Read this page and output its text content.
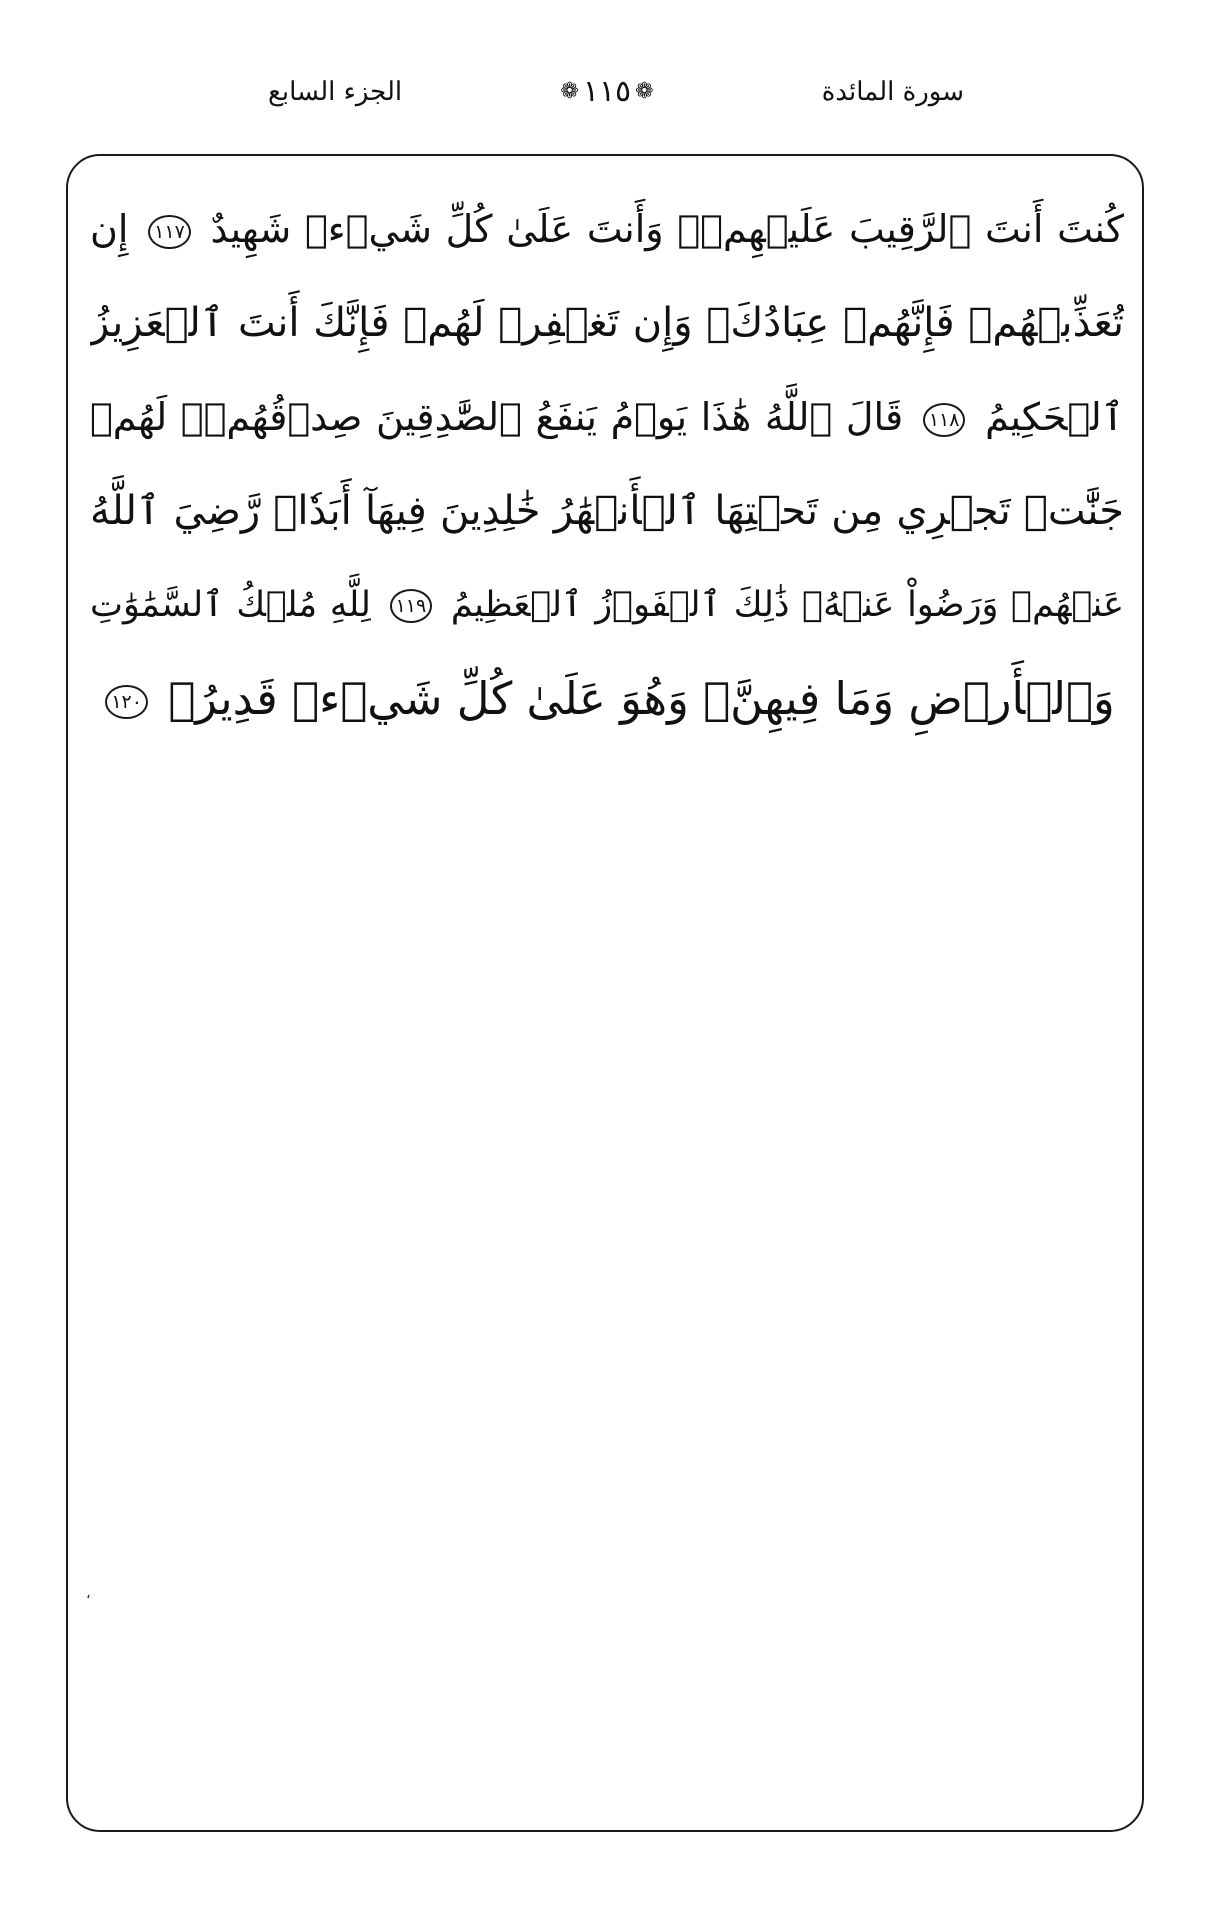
الجزء السابع	❁ ١١٥ ❁	سورة المائدة
كُنتَ أَنتَ ٱلرَّقِيبَ عَلَيۡهِمۡۚ وَأَنتَ عَلَىٰ كُلِّ شَيۡءٖ شَهِيدٌ ١١٧ إِن
تُعَذِّبۡهُمۡ فَإِنَّهُمۡ عِبَادُكَۖ وَإِن تَغۡفِرۡ لَهُمۡ فَإِنَّكَ أَنتَ ٱلۡعَزِيزُ
ٱلۡحَكِيمُ ١١٨ قَالَ ٱللَّهُ هَٰذَا يَوۡمُ يَنفَعُ ٱلصَّٰدِقِينَ صِدۡقُهُمۡۚ لَهُمۡ
جَنَّٰتٞ تَجۡرِي مِن تَحۡتِهَا ٱلۡأَنۡهَٰرُ خَٰلِدِينَ فِيهَآ أَبَدٗاۖ رَّضِيَ ٱللَّهُ
عَنۡهُمۡ وَرَضُواْ عَنۡهُۚ ذَٰلِكَ ٱلۡفَوۡزُ ٱلۡعَظِيمُ ١١٩ لِلَّهِ مُلۡكُ ٱلسَّمَٰوَٰتِ
وَٱلۡأَرۡضِ وَمَا فِيهِنَّۚ وَهُوَ عَلَىٰ كُلِّ شَيۡءٖ قَدِيرُۢ ١٢٠
،
